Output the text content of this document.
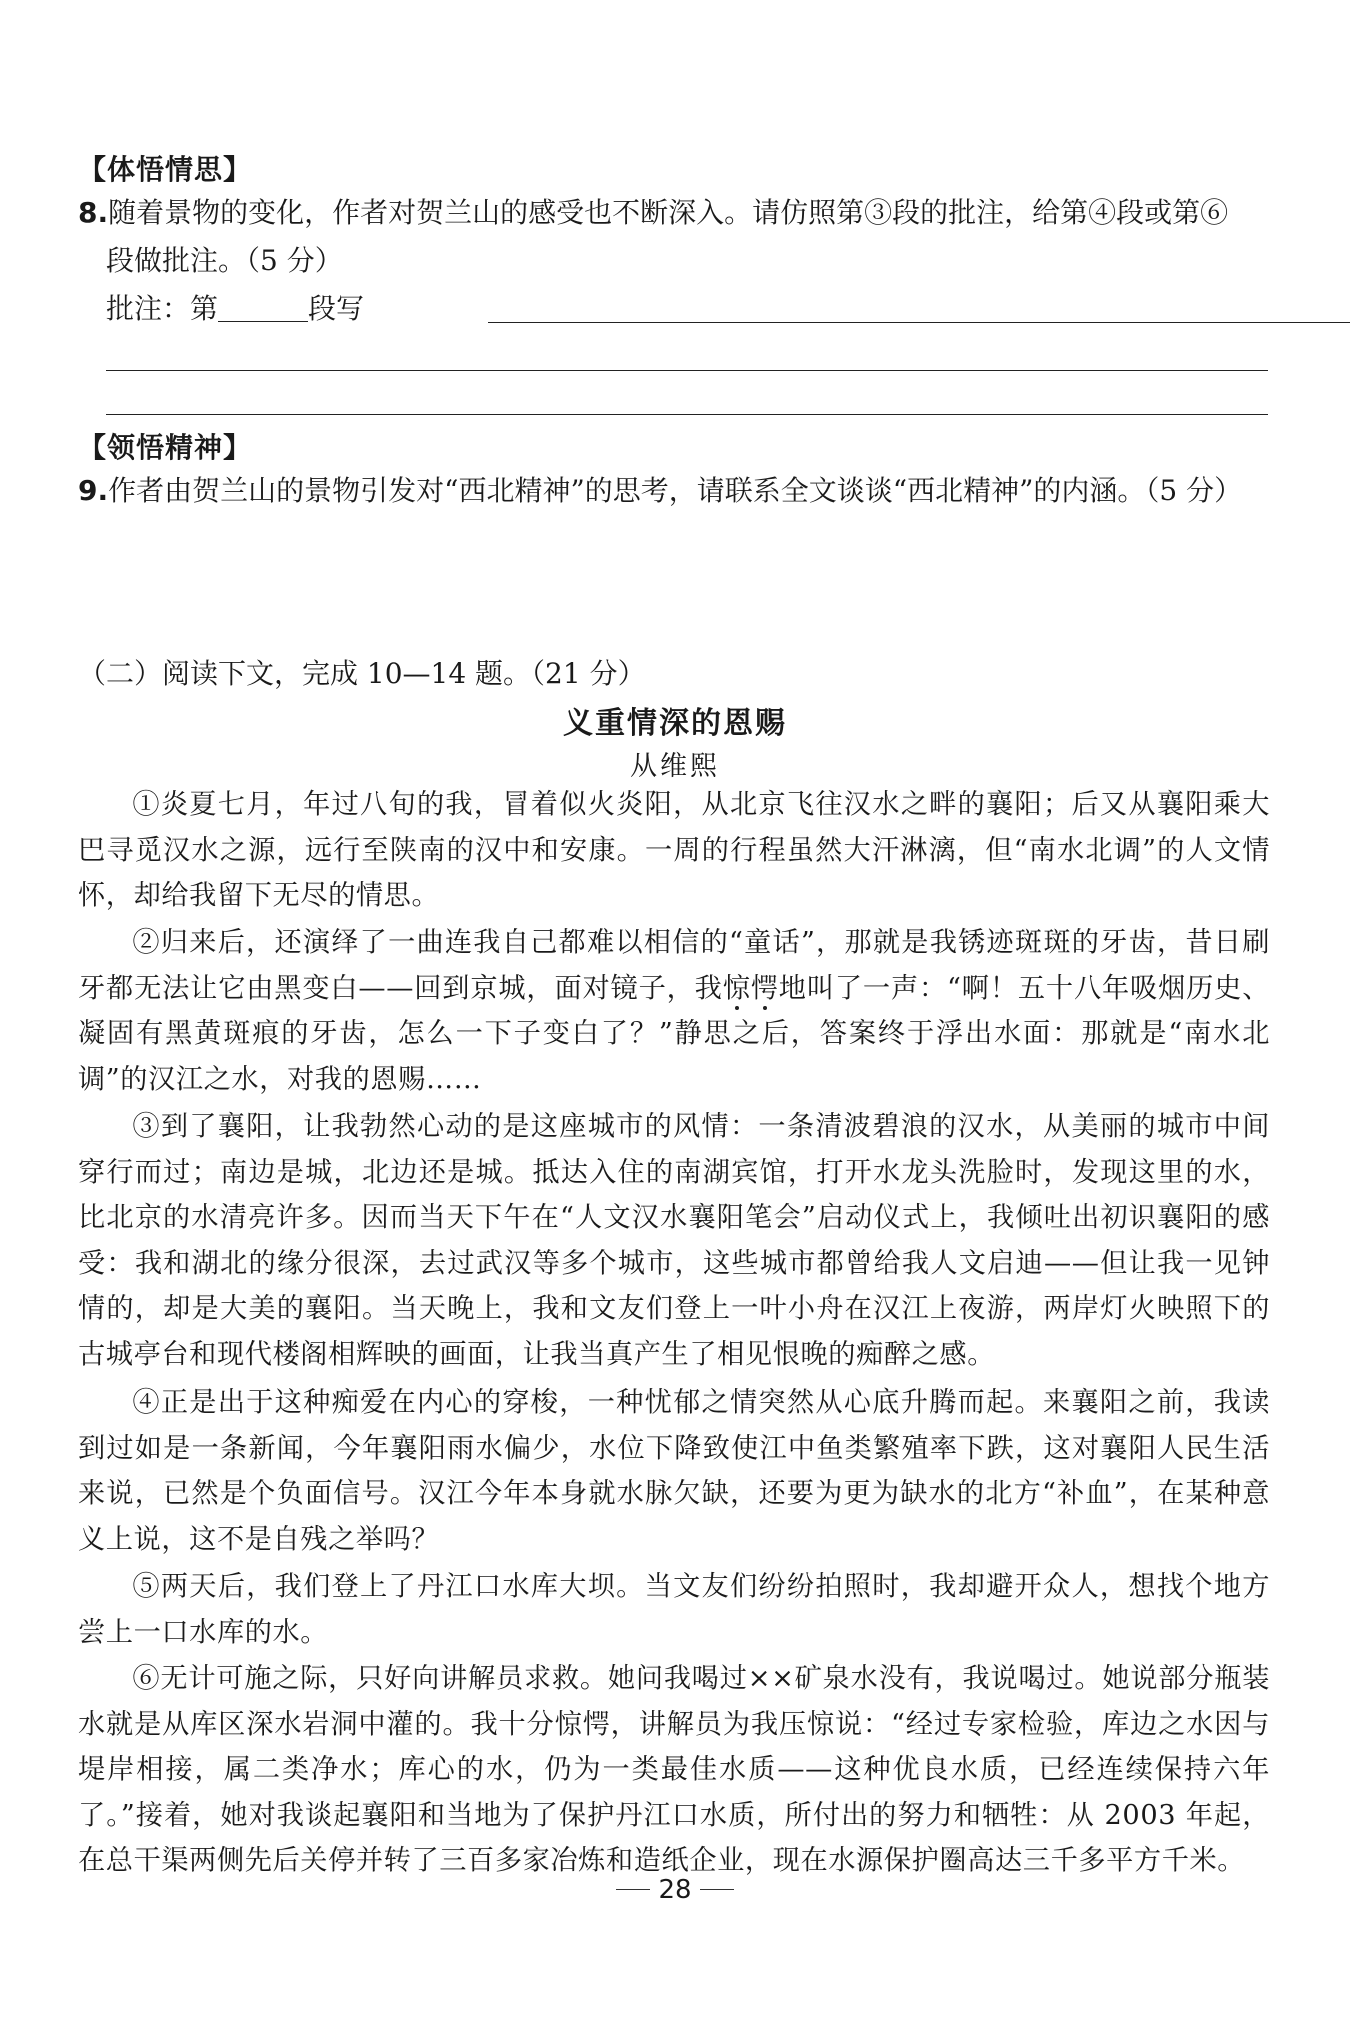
【体悟情思】
8.随着景物的变化，作者对贺兰山的感受也不断深入。请仿照第③段的批注，给第④段或第⑥
段做批注。（5 分）
批注：第	段写
【领悟精神】
9.作者由贺兰山的景物引发对“西北精神”的思考，请联系全文谈谈“西北精神”的内涵。（5 分）
（二）阅读下文，完成 10—14 题。（21 分）
义重情深的恩赐
从维熙
①炎夏七月，年过八旬的我，冒着似火炎阳，从北京飞往汉水之畔的襄阳；后又从襄阳乘大巴寻觅汉水之源，远行至陕南的汉中和安康。一周的行程虽然大汗淋漓，但“南水北调”的人文情怀，却给我留下无尽的情思。
②归来后，还演绎了一曲连我自己都难以相信的“童话”，那就是我锈迹斑斑的牙齿，昔日刷牙都无法让它由黑变白——回到京城，面对镜子，我惊愕地叫了一声：“啊！五十八年吸烟历史、凝固有黑黄斑痕的牙齿，怎么一下子变白了？”静思之后，答案终于浮出水面：那就是“南水北调”的汉江之水，对我的恩赐……
③到了襄阳，让我勃然心动的是这座城市的风情：一条清波碧浪的汉水，从美丽的城市中间穿行而过；南边是城，北边还是城。抵达入住的南湖宾馆，打开水龙头洗脸时，发现这里的水，比北京的水清亮许多。因而当天下午在“人文汉水襄阳笔会”启动仪式上，我倾吐出初识襄阳的感受：我和湖北的缘分很深，去过武汉等多个城市，这些城市都曾给我人文启迪——但让我一见钟情的，却是大美的襄阳。当天晚上，我和文友们登上一叶小舟在汉江上夜游，两岸灯火映照下的古城亭台和现代楼阁相辉映的画面，让我当真产生了相见恨晚的痴醉之感。
④正是出于这种痴爱在内心的穿梭，一种忧郁之情突然从心底升腾而起。来襄阳之前，我读到过如是一条新闻，今年襄阳雨水偏少，水位下降致使江中鱼类繁殖率下跌，这对襄阳人民生活来说，已然是个负面信号。汉江今年本身就水脉欠缺，还要为更为缺水的北方“补血”，在某种意义上说，这不是自残之举吗？
⑤两天后，我们登上了丹江口水库大坝。当文友们纷纷拍照时，我却避开众人，想找个地方尝上一口水库的水。
⑥无计可施之际，只好向讲解员求救。她问我喝过××矿泉水没有，我说喝过。她说部分瓶装水就是从库区深水岩洞中灌的。我十分惊愕，讲解员为我压惊说：“经过专家检验，库边之水因与堤岸相接，属二类净水；库心的水，仍为一类最佳水质——这种优良水质，已经连续保持六年了。”接着，她对我谈起襄阳和当地为了保护丹江口水质，所付出的努力和牺牲：从 2003 年起，在总干渠两侧先后关停并转了三百多家冶炼和造纸企业，现在水源保护圈高达三千多平方千米。
28
